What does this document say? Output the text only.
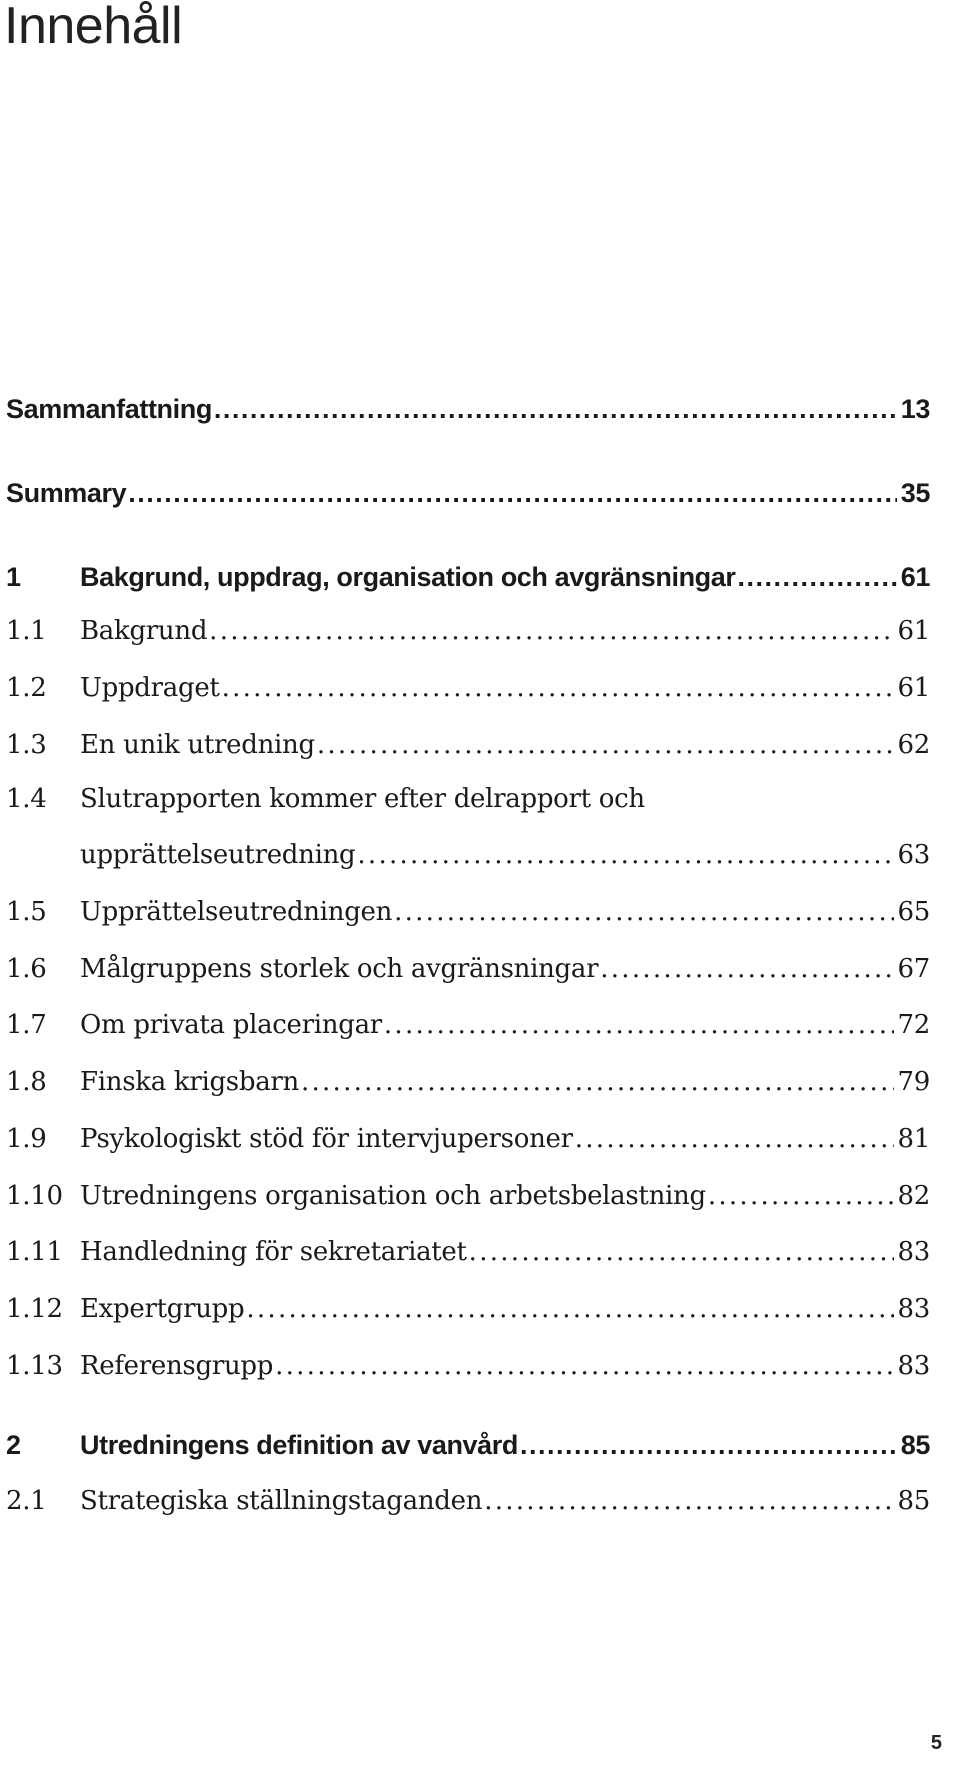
Innehåll
Sammanfattning . . .	13
Summary . . .	35
1	Bakgrund, uppdrag, organisation och avgränsningar . . .	61
1.1	Bakgrund . . .	61
1.2	Uppdraget . . .	61
1.3	En unik utredning . . .	62
1.4 Slutrapporten kommer efter delrapport och
upprättelseutredning . . .	63
1.5	Upprättelseutredningen . . .	65
1.6	Målgruppens storlek och avgränsningar . . .	67
1.7	Om privata placeringar . . .	72
1.8	Finska krigsbarn . . .	79
1.9	Psykologiskt stöd för intervjupersoner . . .	81
1.10 Utredningens organisation och arbetsbelastning . . .	82
1.11 Handledning för sekretariatet . . .	83
1.12 Expertgrupp . . .	83
1.13 Referensgrupp . . .	83
2	Utredningens definition av vanvård . . .	85
2.1	Strategiska ställningstaganden . . .	85
5
